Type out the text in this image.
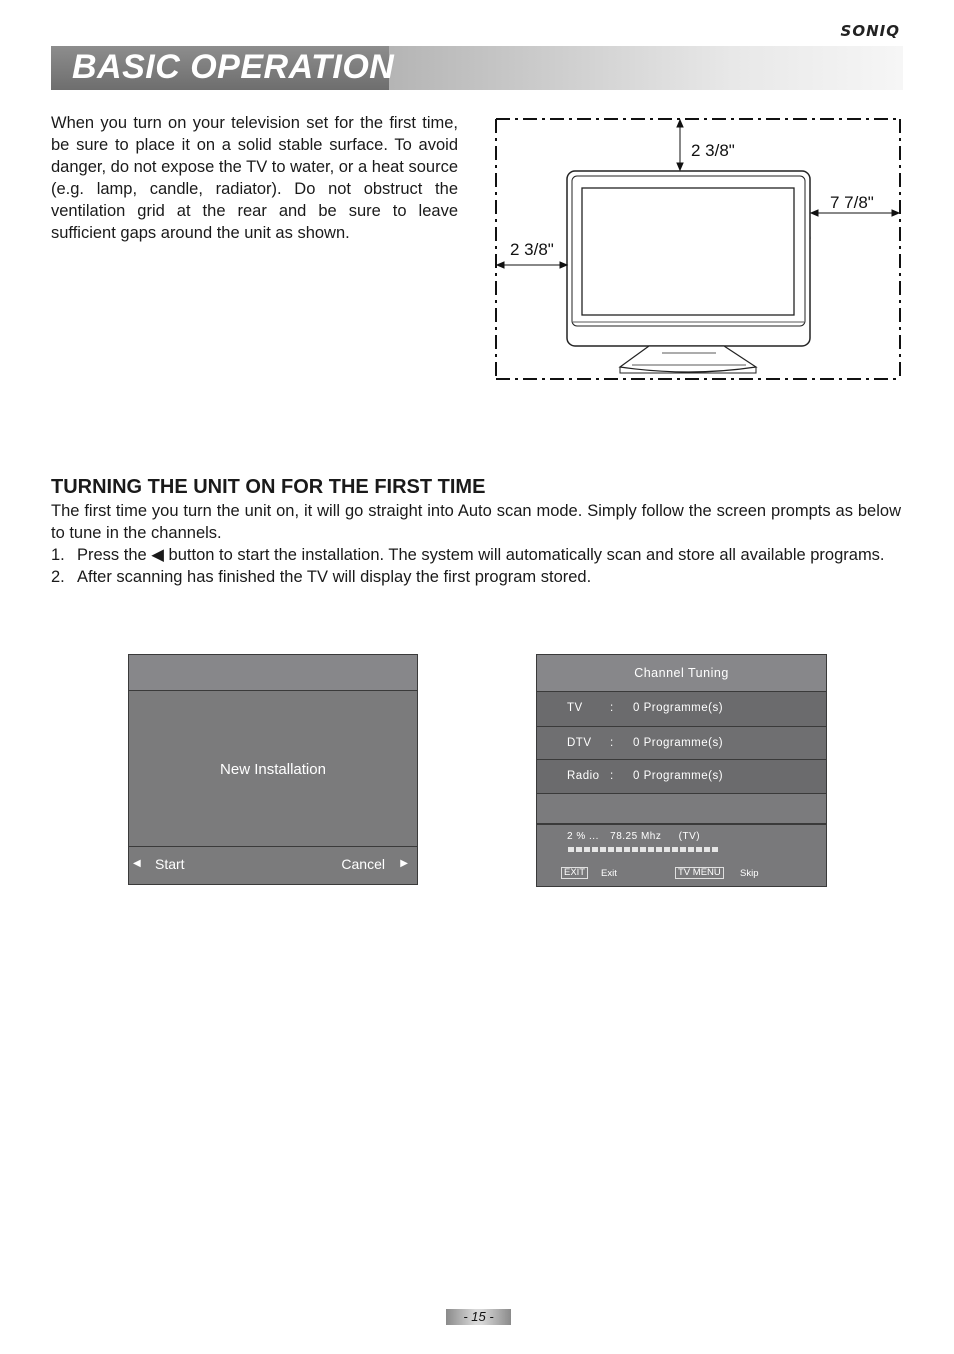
SONIQ
BASIC OPERATION

When you turn on your television set for the first time, be sure to place it on a solid stable surface. To avoid danger, do not expose the TV to water, or a heat source (e.g. lamp, candle, radiator). Do not obstruct the ventilation grid at the rear and be sure to leave sufficient gaps around the unit as shown.

2 3/8"
7 7/8"
2 3/8"
TURNING THE UNIT ON FOR THE FIRST TIME

The first time you turn the unit on, it will go straight into Auto scan mode. Simply follow the screen prompts as below to tune in the channels.

1. Press the ◀ button to start the installation. The system will automatically scan and store all available programs.
2. After scanning has finished the TV will display the first program stored.
New Installation
◀ Start	Cancel ▶
Channel Tuning
TV : 0 Programme(s)
DTV : 0 Programme(s)
Radio : 0 Programme(s)
2 % ... 78.25 Mhz (TV)
EXIT	Exit	TV MENU	Skip
- 15 -
